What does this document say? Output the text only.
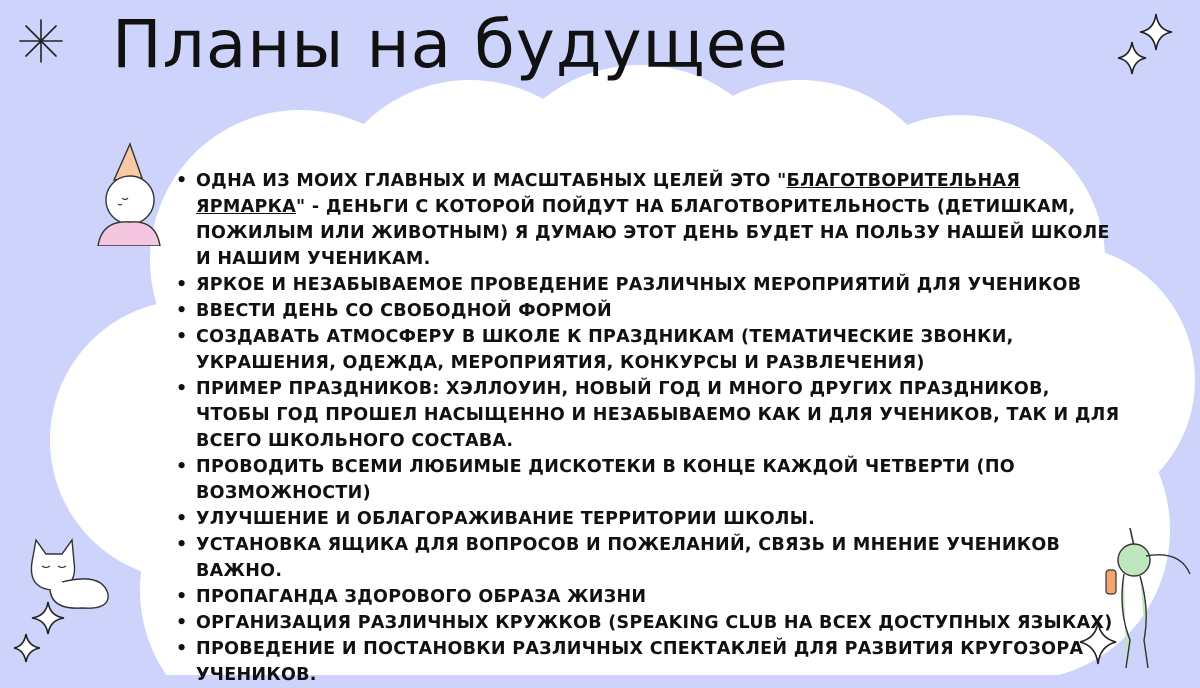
Планы на будущее
• ОДНА ИЗ МОИХ ГЛАВНЫХ И МАСШТАБНЫХ ЦЕЛЕЙ ЭТО "БЛАГОТВОРИТЕЛЬНАЯ ЯРМАРКА" - ДЕНЬГИ С КОТОРОЙ ПОЙДУТ НА БЛАГОТВОРИТЕЛЬНОСТЬ (ДЕТИШКАМ, ПОЖИЛЫМ ИЛИ ЖИВОТНЫМ) Я ДУМАЮ ЭТОТ ДЕНЬ БУДЕТ НА ПОЛЬЗУ НАШЕЙ ШКОЛЕ И НАШИМ УЧЕНИКАМ.
• ЯРКОЕ И НЕЗАБЫВАЕМОЕ ПРОВЕДЕНИЕ РАЗЛИЧНЫХ МЕРОПРИЯТИЙ ДЛЯ УЧЕНИКОВ
• ВВЕСТИ ДЕНЬ СО СВОБОДНОЙ ФОРМОЙ
• СОЗДАВАТЬ АТМОСФЕРУ В ШКОЛЕ К ПРАЗДНИКАМ (ТЕМАТИЧЕСКИЕ ЗВОНКИ, УКРАШЕНИЯ, ОДЕЖДА, МЕРОПРИЯТИЯ, КОНКУРСЫ И РАЗВЛЕЧЕНИЯ)
• ПРИМЕР ПРАЗДНИКОВ: ХЭЛЛОУИН, НОВЫЙ ГОД И МНОГО ДРУГИХ ПРАЗДНИКОВ, ЧТОБЫ ГОД ПРОШЕЛ НАСЫЩЕННО И НЕЗАБЫВАЕМО КАК И ДЛЯ УЧЕНИКОВ, ТАК И ДЛЯ ВСЕГО ШКОЛЬНОГО СОСТАВА.
• ПРОВОДИТЬ ВСЕМИ ЛЮБИМЫЕ ДИСКОТЕКИ В КОНЦЕ КАЖДОЙ ЧЕТВЕРТИ (ПО ВОЗМОЖНОСТИ)
• УЛУЧШЕНИЕ И ОБЛАГОРАЖИВАНИЕ ТЕРРИТОРИИ ШКОЛЫ.
• УСТАНОВКА ЯЩИКА ДЛЯ ВОПРОСОВ И ПОЖЕЛАНИЙ, СВЯЗЬ И МНЕНИЕ УЧЕНИКОВ ВАЖНО.
• ПРОПАГАНДА ЗДОРОВОГО ОБРАЗА ЖИЗНИ
• ОРГАНИЗАЦИЯ РАЗЛИЧНЫХ КРУЖКОВ (SPEAKING CLUB НА ВСЕХ ДОСТУПНЫХ ЯЗЫКАХ)
• ПРОВЕДЕНИЕ И ПОСТАНОВКИ РАЗЛИЧНЫХ СПЕКТАКЛЕЙ ДЛЯ РАЗВИТИЯ КРУГОЗОРА УЧЕНИКОВ.
